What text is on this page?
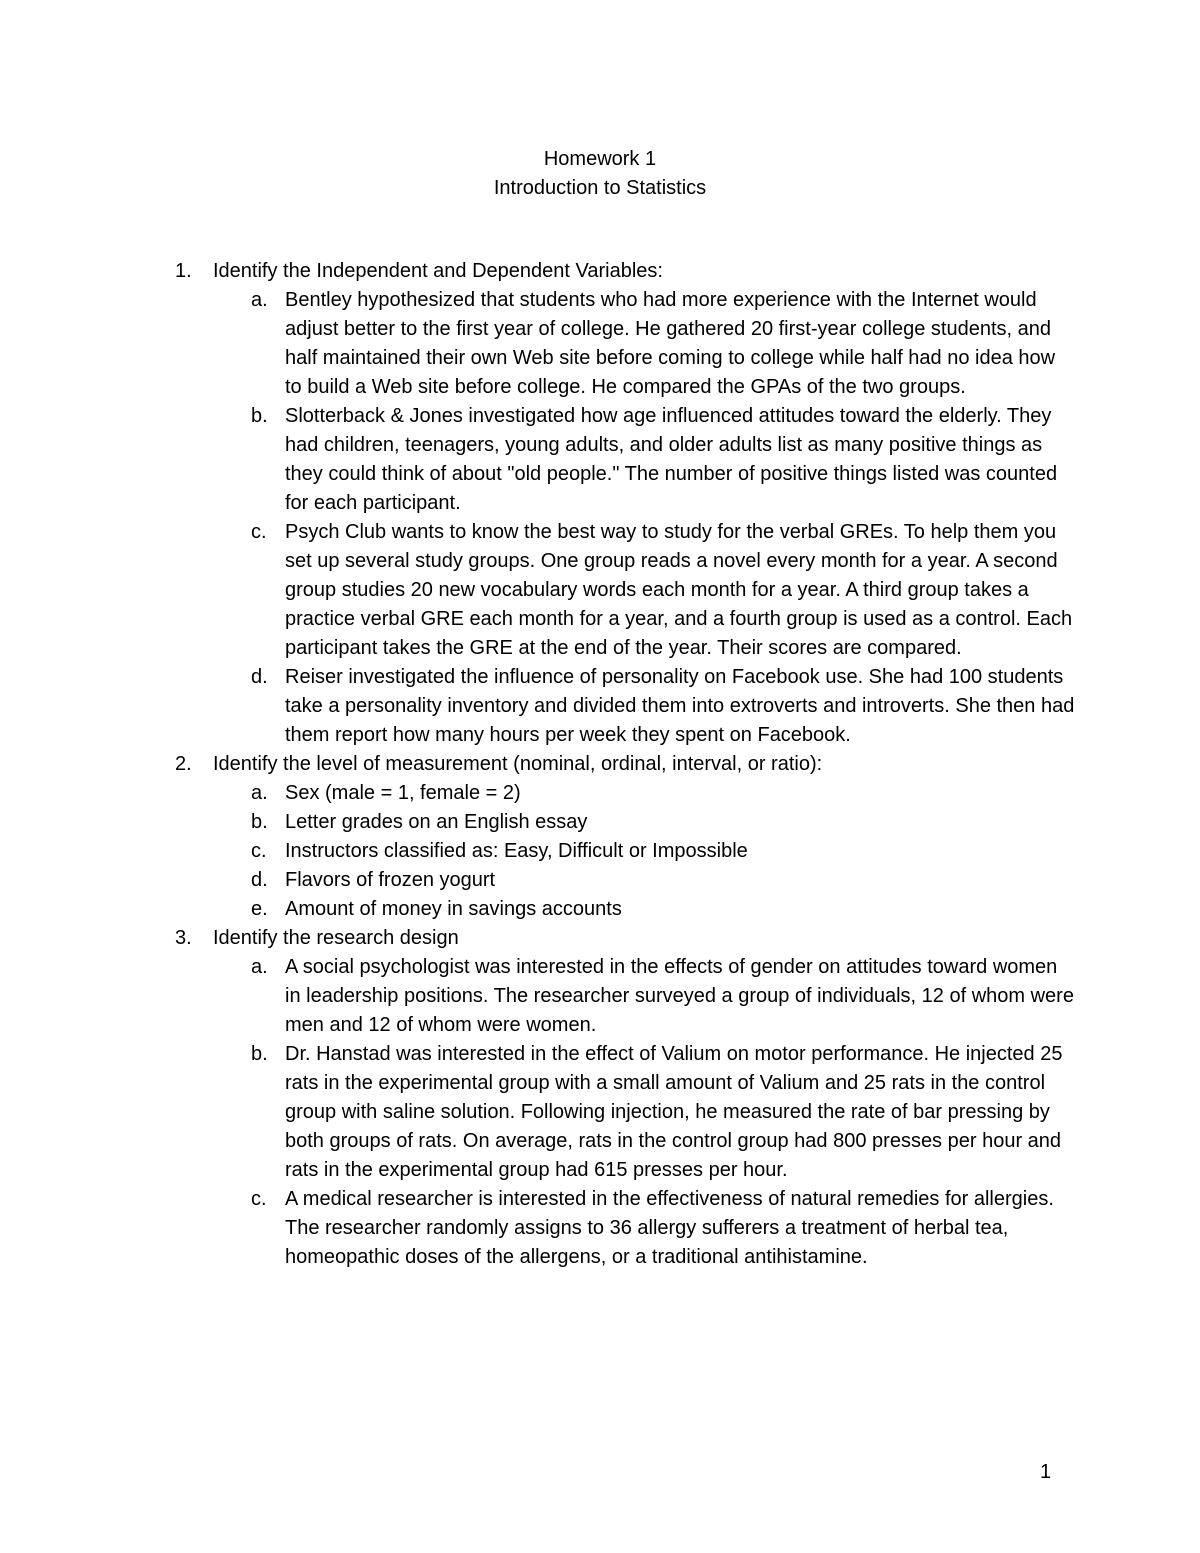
Homework 1
Introduction to Statistics
1. Identify the Independent and Dependent Variables:
a. Bentley hypothesized that students who had more experience with the Internet would adjust better to the first year of college. He gathered 20 first-year college students, and half maintained their own Web site before coming to college while half had no idea how to build a Web site before college. He compared the GPAs of the two groups.
b. Slotterback & Jones investigated how age influenced attitudes toward the elderly. They had children, teenagers, young adults, and older adults list as many positive things as they could think of about "old people." The number of positive things listed was counted for each participant.
c. Psych Club wants to know the best way to study for the verbal GREs. To help them you set up several study groups. One group reads a novel every month for a year. A second group studies 20 new vocabulary words each month for a year. A third group takes a practice verbal GRE each month for a year, and a fourth group is used as a control. Each participant takes the GRE at the end of the year. Their scores are compared.
d. Reiser investigated the influence of personality on Facebook use. She had 100 students take a personality inventory and divided them into extroverts and introverts. She then had them report how many hours per week they spent on Facebook.
2. Identify the level of measurement (nominal, ordinal, interval, or ratio):
a. Sex (male = 1, female = 2)
b. Letter grades on an English essay
c. Instructors classified as: Easy, Difficult or Impossible
d. Flavors of frozen yogurt
e. Amount of money in savings accounts
3. Identify the research design
a. A social psychologist was interested in the effects of gender on attitudes toward women in leadership positions. The researcher surveyed a group of individuals, 12 of whom were men and 12 of whom were women.
b. Dr. Hanstad was interested in the effect of Valium on motor performance. He injected 25 rats in the experimental group with a small amount of Valium and 25 rats in the control group with saline solution. Following injection, he measured the rate of bar pressing by both groups of rats. On average, rats in the control group had 800 presses per hour and rats in the experimental group had 615 presses per hour.
c. A medical researcher is interested in the effectiveness of natural remedies for allergies. The researcher randomly assigns to 36 allergy sufferers a treatment of herbal tea, homeopathic doses of the allergens, or a traditional antihistamine.
1
